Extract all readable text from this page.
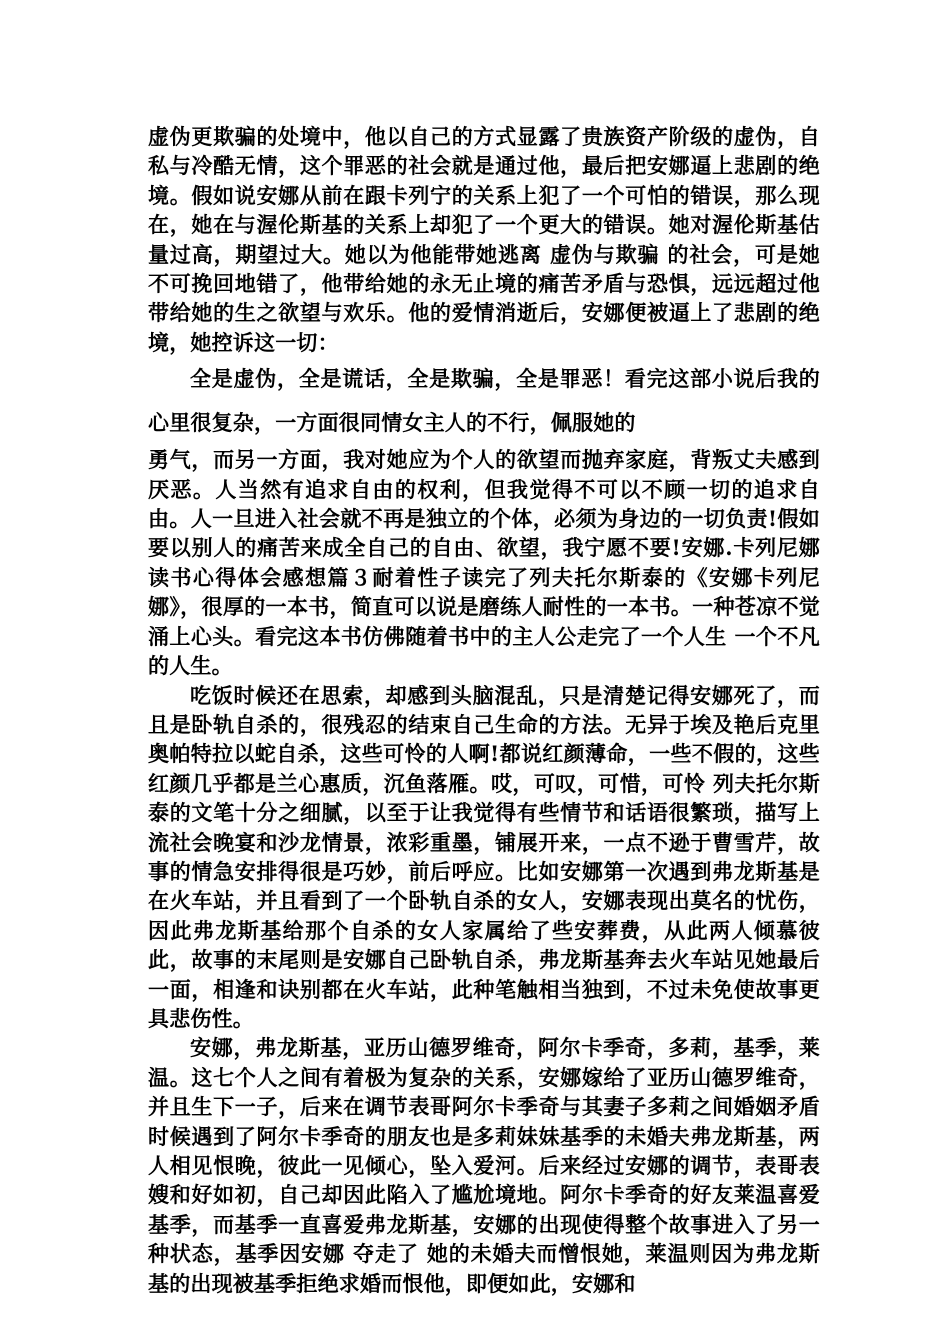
虚伪更欺骗的处境中，他以自己的方式显露了贵族资产阶级的虚伪，自私与冷酷无情，这个罪恶的社会就是通过他，最后把安娜逼上悲剧的绝境。假如说安娜从前在跟卡列宁的关系上犯了一个可怕的错误，那么现在，她在与渥伦斯基的关系上却犯了一个更大的错误。她对渥伦斯基估量过高，期望过大。她以为他能带她逃离 虚伪与欺骗 的社会，可是她不可挽回地错了，他带给她的永无止境的痛苦矛盾与恐惧，远远超过他带给她的生之欲望与欢乐。他的爱情消逝后，安娜便被逼上了悲剧的绝境，她控诉这一切：

全是虚伪，全是谎话，全是欺骗，全是罪恶！看完这部小说后我的心里很复杂，一方面很同情女主人的不行，佩服她的

勇气，而另一方面，我对她应为个人的欲望而抛弃家庭，背叛丈夫感到厌恶。人当然有追求自由的权利，但我觉得不可以不顾一切的追求自由。人一旦进入社会就不再是独立的个体，必须为身边的一切负责!假如要以别人的痛苦来成全自己的自由、欲望，我宁愿不要!安娜.卡列尼娜读书心得体会感想篇３耐着性子读完了列夫托尔斯泰的《安娜卡列尼娜》，很厚的一本书，简直可以说是磨练人耐性的一本书。一种苍凉不觉涌上心头。看完这本书仿佛随着书中的主人公走完了一个人生 一个不凡的人生。

吃饭时候还在思索，却感到头脑混乱，只是清楚记得安娜死了，而且是卧轨自杀的，很残忍的结束自己生命的方法。无异于埃及艳后克里奥帕特拉以蛇自杀，这些可怜的人啊!都说红颜薄命，一些不假的，这些红颜几乎都是兰心惠质，沉鱼落雁。哎，可叹，可惜，可怜 列夫托尔斯泰的文笔十分之细腻，以至于让我觉得有些情节和话语很繁琐，描写上流社会晚宴和沙龙情景，浓彩重墨，铺展开来，一点不逊于曹雪芹，故事的情急安排得很是巧妙，前后呼应。比如安娜第一次遇到弗龙斯基是在火车站，并且看到了一个卧轨自杀的女人，安娜表现出莫名的忧伤，因此弗龙斯基给那个自杀的女人家属给了些安葬费，从此两人倾慕彼此，故事的末尾则是安娜自己卧轨自杀，弗龙斯基奔去火车站见她最后一面，相逢和诀别都在火车站，此种笔触相当独到，不过未免使故事更具悲伤性。

安娜，弗龙斯基，亚历山德罗维奇，阿尔卡季奇，多莉，基季，莱温。这七个人之间有着极为复杂的关系，安娜嫁给了亚历山德罗维奇，并且生下一子，后来在调节表哥阿尔卡季奇与其妻子多莉之间婚姻矛盾时候遇到了阿尔卡季奇的朋友也是多莉妹妹基季的未婚夫弗龙斯基，两人相见恨晚，彼此一见倾心，坠入爱河。后来经过安娜的调节，表哥表嫂和好如初，自己却因此陷入了尴尬境地。阿尔卡季奇的好友莱温喜爱基季，而基季一直喜爱弗龙斯基，安娜的出现使得整个故事进入了另一种状态，基季因安娜 夺走了 她的未婚夫而憎恨她，莱温则因为弗龙斯基的出现被基季拒绝求婚而恨他，即便如此，安娜和
